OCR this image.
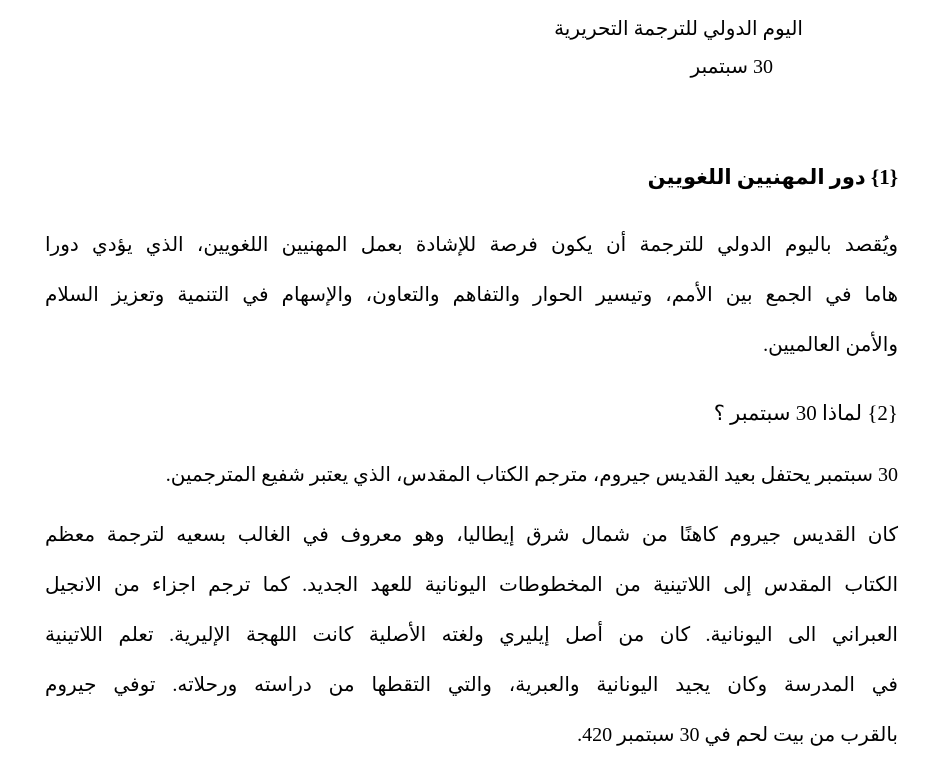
اليوم الدولي للترجمة التحريرية
30 سبتمبر
{1} دور المهنيين اللغويين
ويُقصد باليوم الدولي للترجمة أن يكون فرصة للإشادة بعمل المهنيين اللغويين، الذي يؤدي دورا
هاما في الجمع بين الأمم، وتيسير الحوار والتفاهم والتعاون، والإسهام في التنمية وتعزيز السلام
والأمن العالميين.
{2} لماذا 30 سبتمبر ؟
30 سبتمبر يحتفل بعيد القديس جيروم، مترجم الكتاب المقدس، الذي يعتبر شفيع المترجمين.
كان القديس جيروم كاهنًا من شمال شرق إيطاليا، وهو معروف في الغالب بسعيه لترجمة معظم
الكتاب المقدس إلى اللاتينية من المخطوطات اليونانية للعهد الجديد. كما ترجم اجزاء من الانجيل
العبراني الى اليونانية. كان من أصل إيليري ولغته الأصلية كانت اللهجة الإليرية. تعلم اللاتينية
في المدرسة وكان يجيد اليونانية والعبرية، والتي التقطها من دراسته ورحلاته. توفي جيروم
بالقرب من بيت لحم في 30 سبتمبر 420.
